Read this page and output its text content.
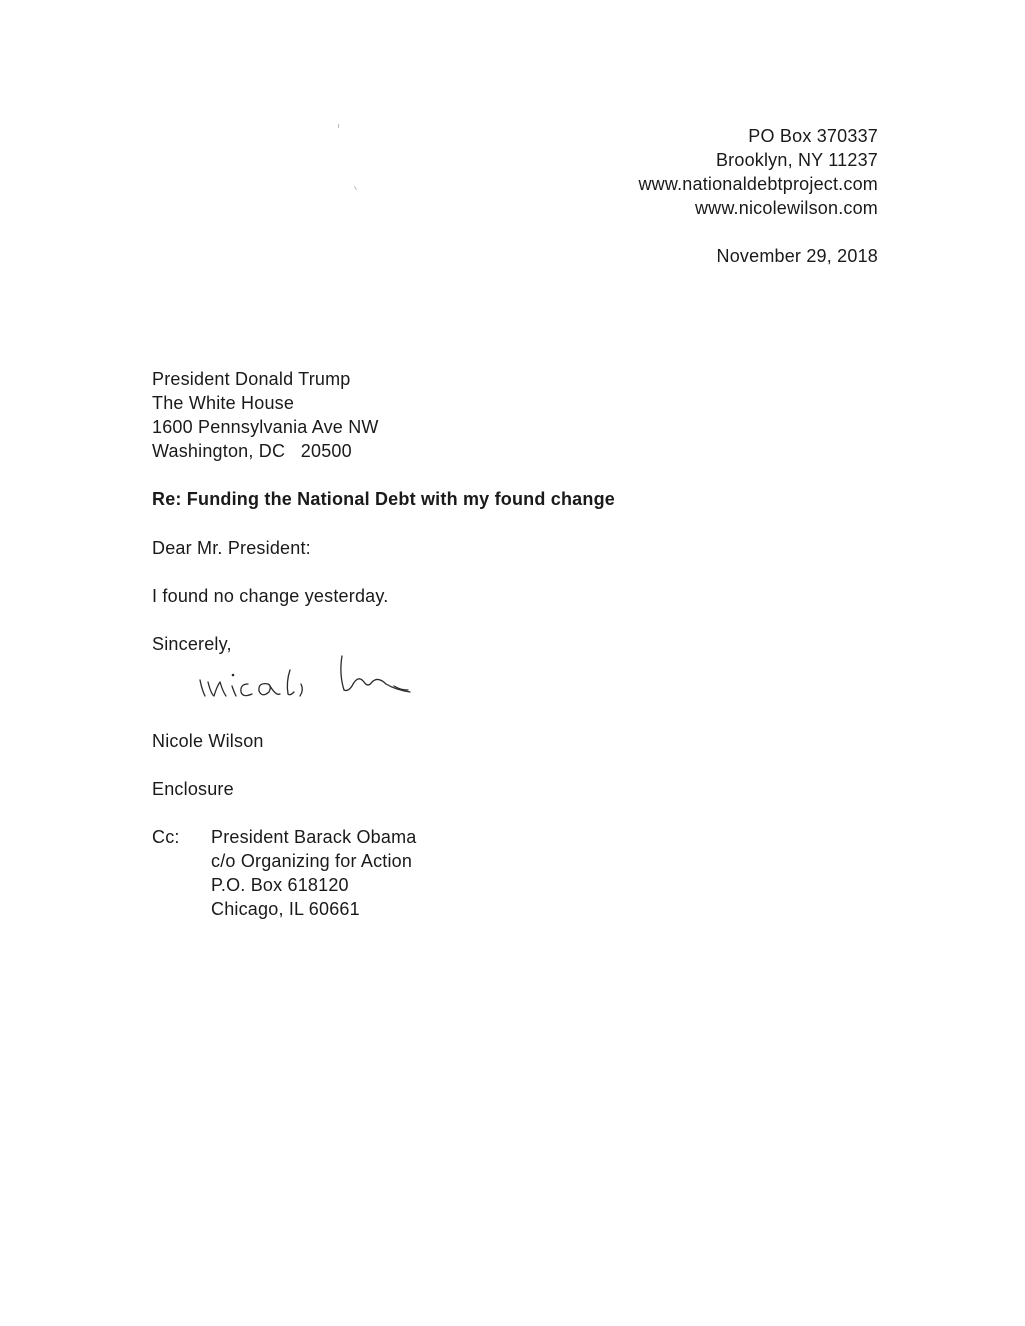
PO Box 370337
Brooklyn, NY 11237
www.nationaldebtproject.com
www.nicolewilson.com
November 29, 2018
President Donald Trump
The White House
1600 Pennsylvania Ave NW
Washington, DC   20500
Re: Funding the National Debt with my found change
Dear Mr. President:
I found no change yesterday.
Sincerely,
Nicole Wilson
Nicole Wilson
Enclosure
Cc: President Barack Obama
c/o Organizing for Action
P.O. Box 618120
Chicago, IL 60661
